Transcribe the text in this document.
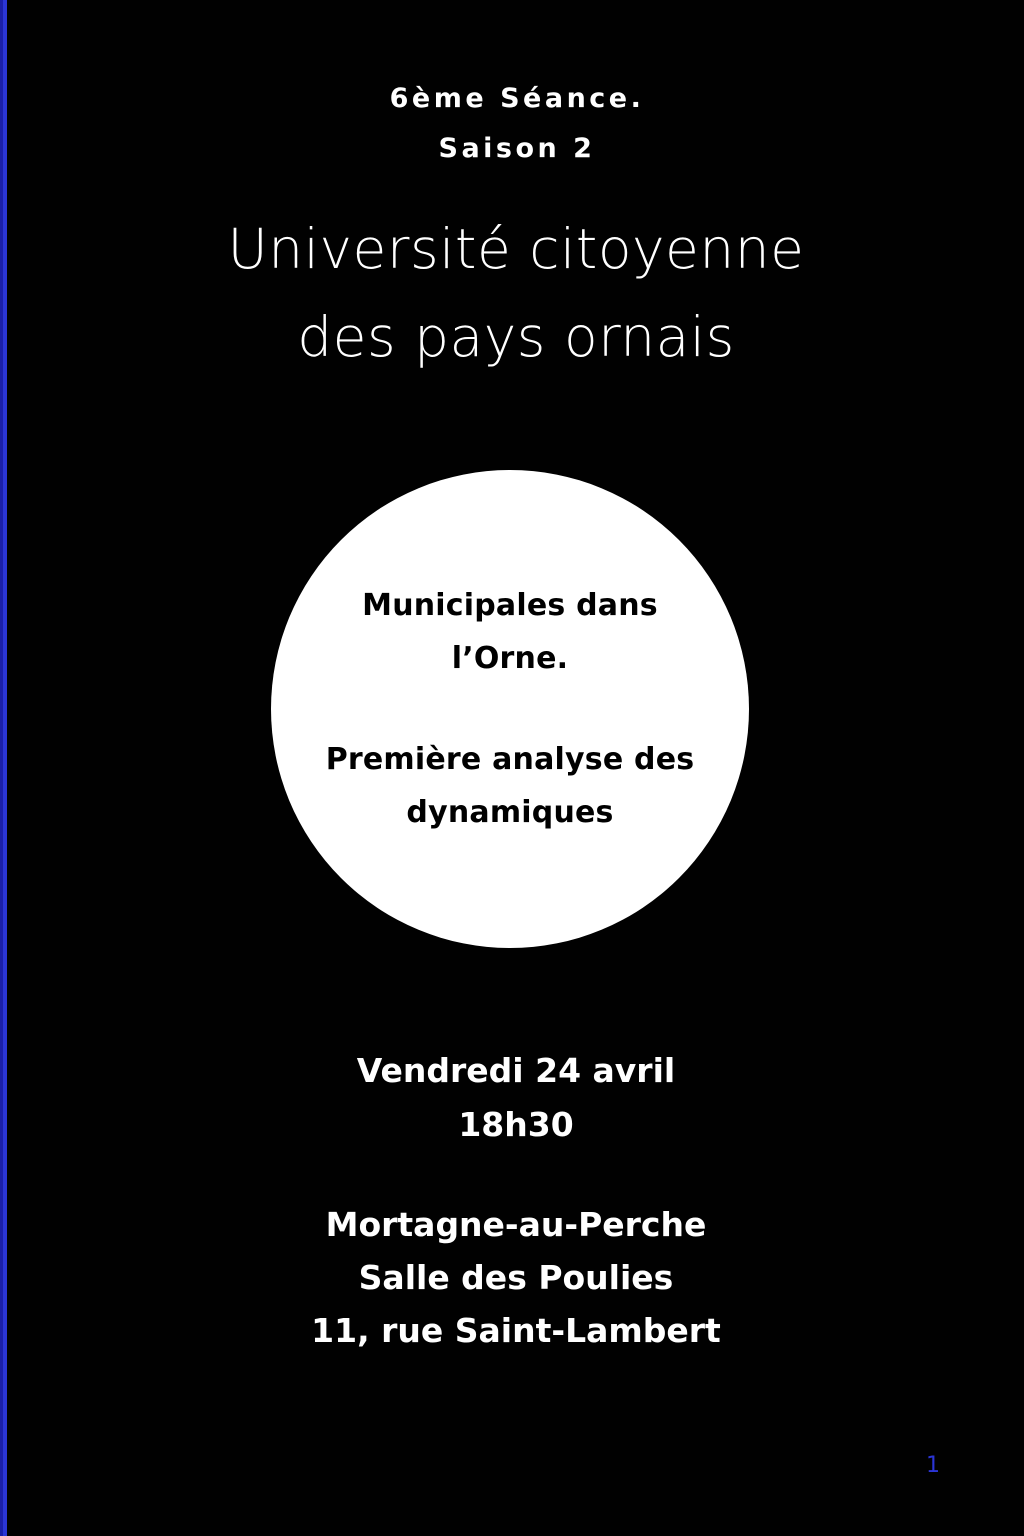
6ème Séance.
Saison 2
Université citoyenne
des pays ornais
Municipales dans
l’Orne.
Première analyse des
dynamiques
Vendredi 24 avril
18h30
Mortagne-au-Perche
Salle des Poulies
11, rue Saint-Lambert
1
